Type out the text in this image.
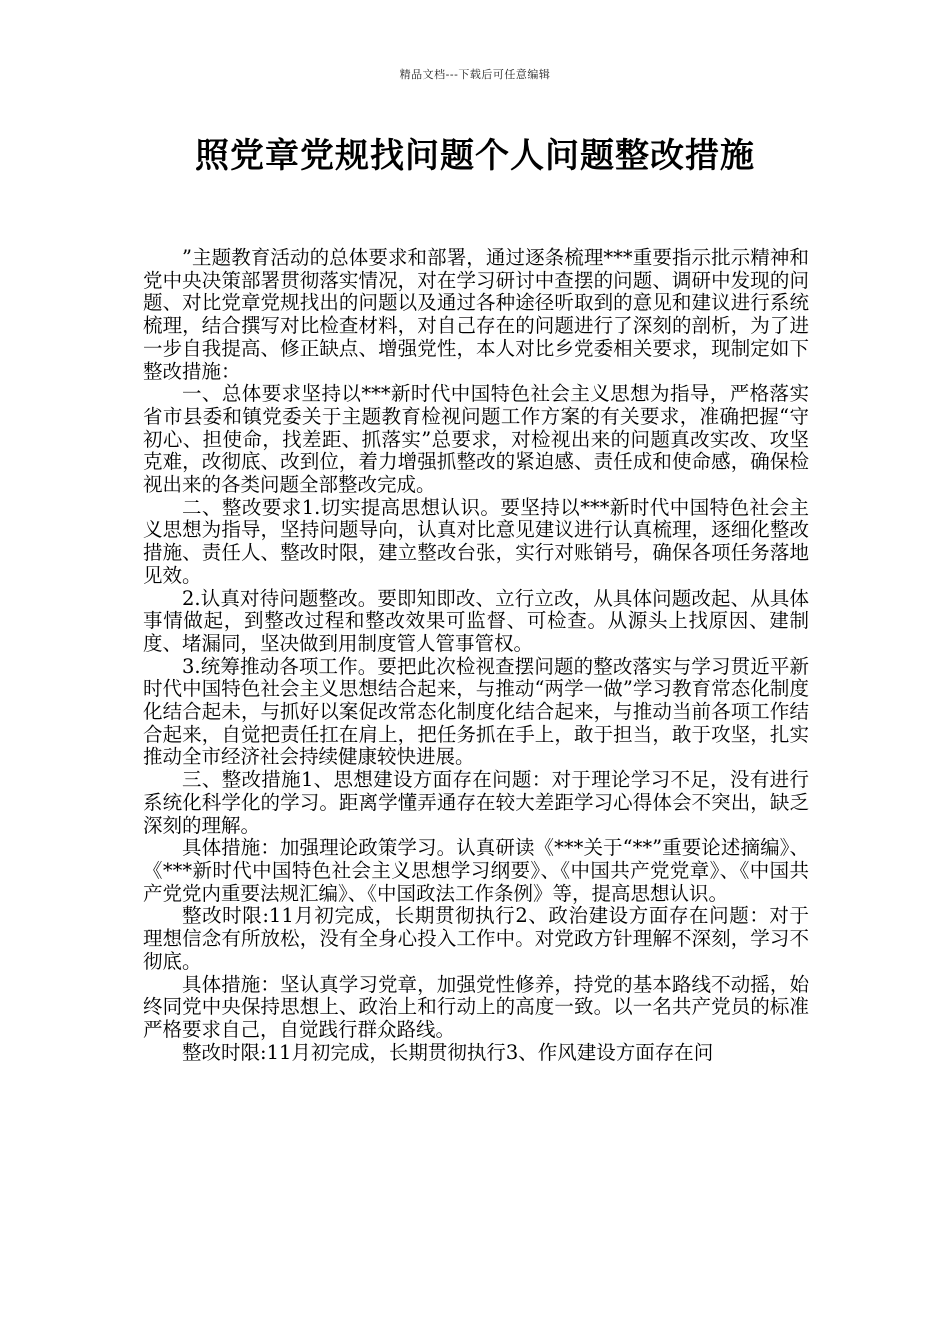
精品文档---下载后可任意编辑
照党章党规找问题个人问题整改措施

”主题教育活动的总体要求和部署，通过逐条梳理***重要指示批示精神和党中央决策部署贯彻落实情况，对在学习研讨中查摆的问题、调研中发现的问题、对比党章党规找出的问题以及通过各种途径听取到的意见和建议进行系统梳理，结合撰写对比检查材料，对自己存在的问题进行了深刻的剖析，为了进一步自我提高、修正缺点、增强党性，本人对比乡党委相关要求，现制定如下整改措施：

一、总体要求坚持以***新时代中国特色社会主义思想为指导，严格落实省市县委和镇党委关于主题教育检视问题工作方案的有关要求，准确把握“守初心、担使命，找差距、抓落实”总要求，对检视出来的问题真改实改、攻坚克难，改彻底、改到位，着力增强抓整改的紧迫感、责任成和使命感，确保检视出来的各类问题全部整改完成。

二、整改要求1.切实提高思想认识。要坚持以***新时代中国特色社会主义思想为指导，坚持问题导向，认真对比意见建议进行认真梳理，逐细化整改措施、责任人、整改时限，建立整改台张，实行对账销号，确保各项任务落地见效。

2.认真对待问题整改。要即知即改、立行立改，从具体问题改起、从具体事情做起，到整改过程和整改效果可监督、可检查。从源头上找原因、建制度、堵漏同，坚决做到用制度管人管事管权。

3.统筹推动各项工作。要把此次检视查摆问题的整改落实与学习贯近平新时代中国特色社会主义思想结合起来，与推动“两学一做”学习教育常态化制度化结合起未，与抓好以案促改常态化制度化结合起来，与推动当前各项工作结合起来，自觉把责任扛在肩上，把任务抓在手上，敢于担当，敢于攻坚，扎实推动全市经济社会持续健康较快进展。

三、整改措施1、思想建设方面存在问题：对于理论学习不足，没有进行系统化科学化的学习。距离学懂弄通存在较大差距学习心得体会不突出，缺乏深刻的理解。

具体措施：加强理论政策学习。认真研读《***关于“**”重要论述摘编》、《***新时代中国特色社会主义思想学习纲要》、《中国共产党党章》、《中国共产党党内重要法规汇编》、《中国政法工作条例》等，提高思想认识。

整改时限:11月初完成，长期贯彻执行2、政治建设方面存在问题：对于理想信念有所放松，没有全身心投入工作中。对党政方针理解不深刻，学习不彻底。

具体措施：坚认真学习党章，加强党性修养，持党的基本路线不动摇，始终同党中央保持思想上、政治上和行动上的高度一致。以一名共产党员的标准严格要求自己，自觉践行群众路线。

整改时限:11月初完成，长期贯彻执行3、作风建设方面存在问
